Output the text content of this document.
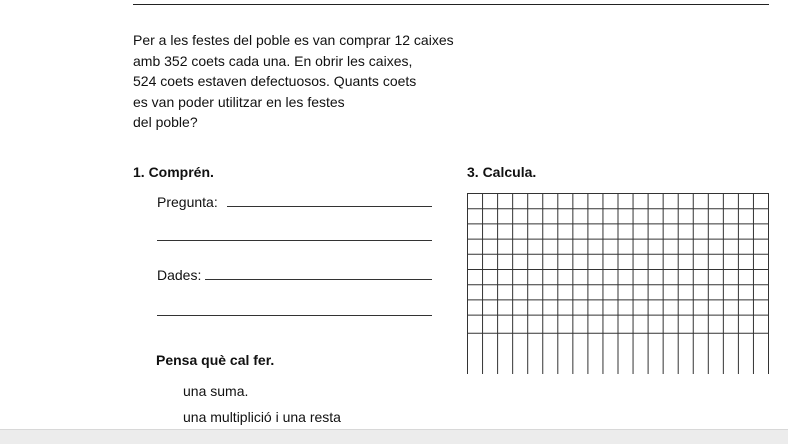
Per a les festes del poble es van comprar 12 caixes
amb 352 coets cada una. En obrir les caixes,
524 coets estaven defectuosos. Quants coets
es van poder utilitzar en les festes
del poble?
1. Comprén.	3. Calcula.
Pregunta:
Dades:
Pensa què cal fer.
una suma.
una multiplició i una resta
